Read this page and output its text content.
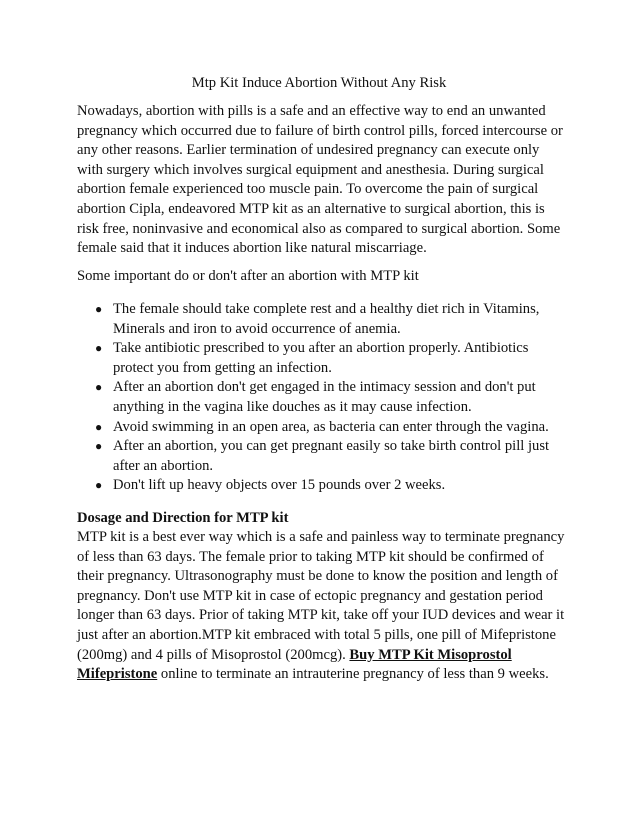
Mtp Kit Induce Abortion Without Any Risk

Nowadays, abortion with pills is a safe and an effective way to end an unwanted pregnancy which occurred due to failure of birth control pills, forced intercourse or any other reasons. Earlier termination of undesired pregnancy can execute only with surgery which involves surgical equipment and anesthesia. During surgical abortion female experienced too muscle pain. To overcome the pain of surgical abortion Cipla, endeavored MTP kit as an alternative to surgical abortion, this is risk free, noninvasive and economical also as compared to surgical abortion. Some female said that it induces abortion like natural miscarriage.

Some important do or don't after an abortion with MTP kit

● The female should take complete rest and a healthy diet rich in Vitamins, Minerals and iron to avoid occurrence of anemia.
● Take antibiotic prescribed to you after an abortion properly. Antibiotics protect you from getting an infection.
● After an abortion don't get engaged in the intimacy session and don't put anything in the vagina like douches as it may cause infection.
● Avoid swimming in an open area, as bacteria can enter through the vagina.
● After an abortion, you can get pregnant easily so take birth control pill just after an abortion.
● Don't lift up heavy objects over 15 pounds over 2 weeks.
Dosage and Direction for MTP kit

MTP kit is a best ever way which is a safe and painless way to terminate pregnancy of less than 63 days. The female prior to taking MTP kit should be confirmed of their pregnancy. Ultrasonography must be done to know the position and length of pregnancy. Don't use MTP kit in case of ectopic pregnancy and gestation period longer than 63 days. Prior of taking MTP kit, take off your IUD devices and wear it just after an abortion.MTP kit embraced with total 5 pills, one pill of Mifepristone (200mg) and 4 pills of Misoprostol (200mcg). Buy MTP Kit Misoprostol Mifepristone online to terminate an intrauterine pregnancy of less than 9 weeks.
